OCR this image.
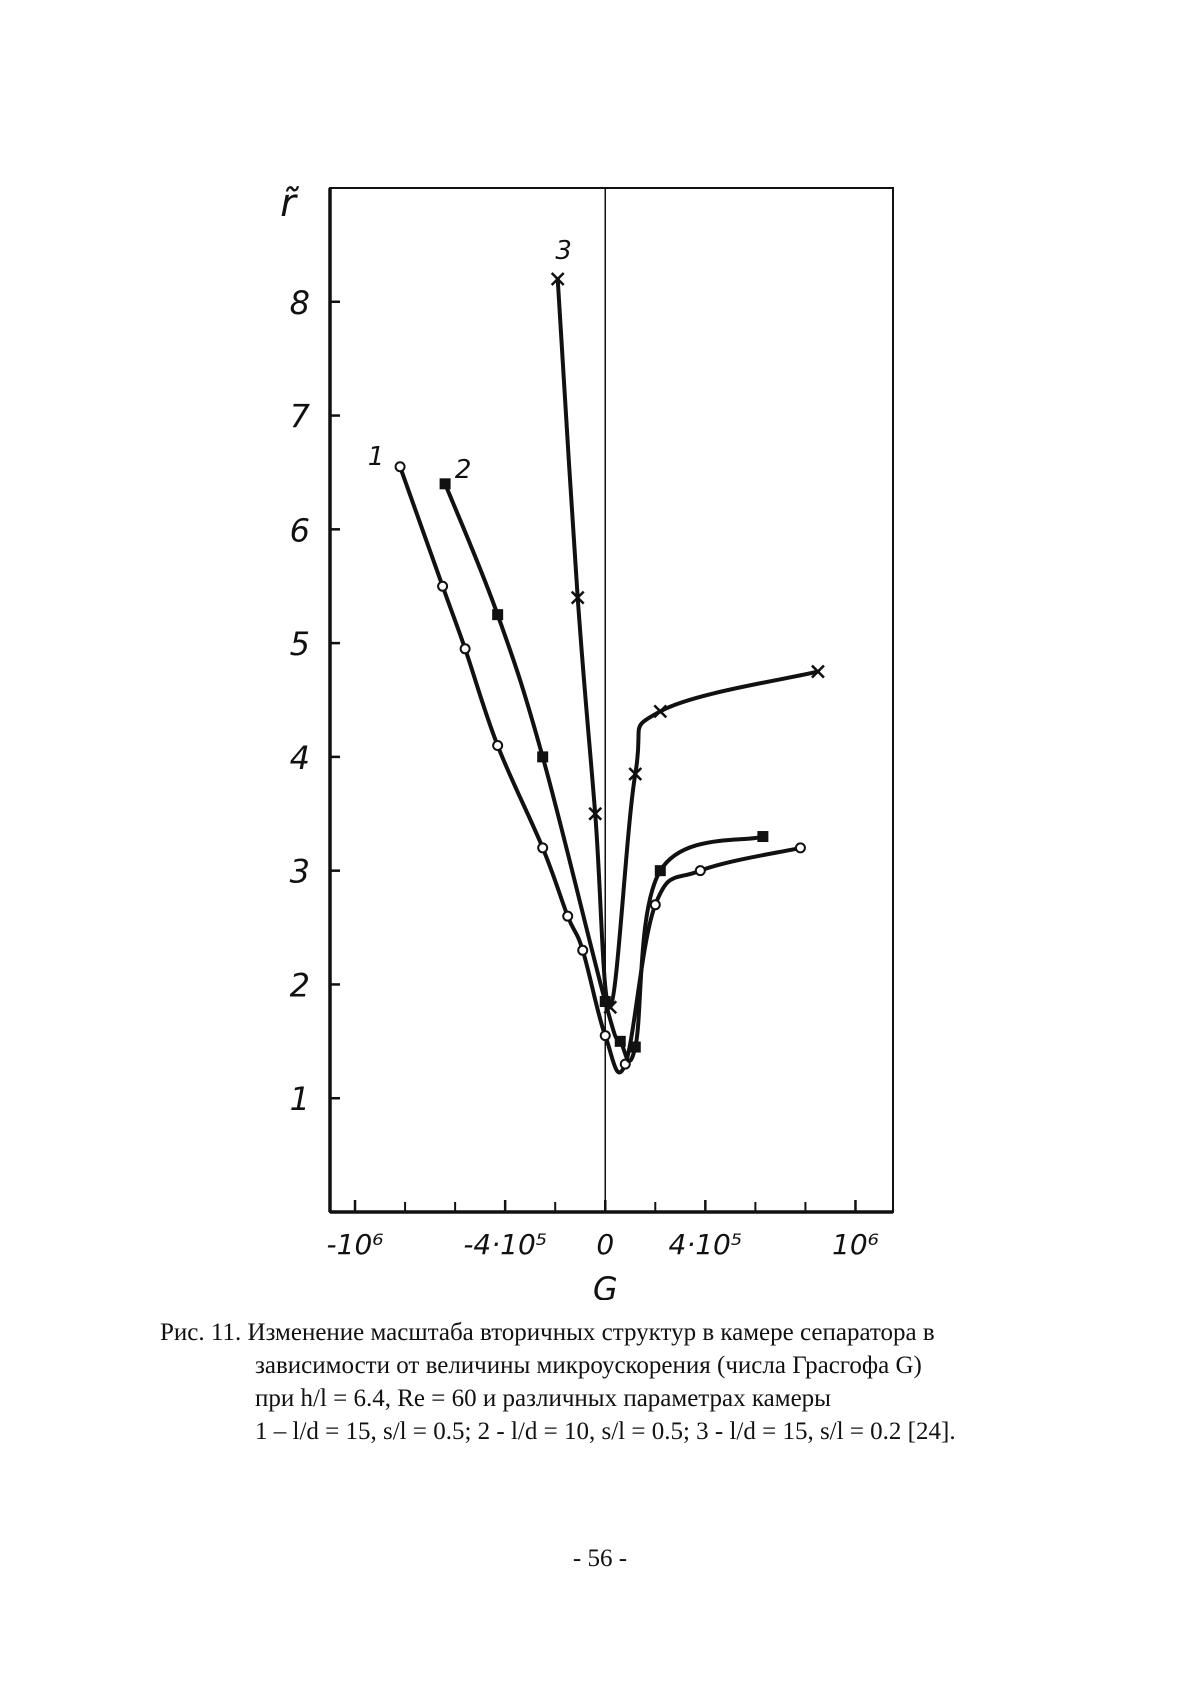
1
2
3
4
5
6
7
8
-10⁶	-4·10⁵ 0 4·10⁵	10⁶
G
r̃
1	2
3
Рис. 11. Изменение масштаба вторичных структур в камере сепаратора в
зависимости от величины микроускорения (числа Грасгофа G)
при h/l = 6.4, Re = 60 и различных параметрах камеры
1 – l/d = 15, s/l = 0.5; 2 - l/d = 10, s/l = 0.5; 3 - l/d = 15, s/l = 0.2 [24].
- 56 -
